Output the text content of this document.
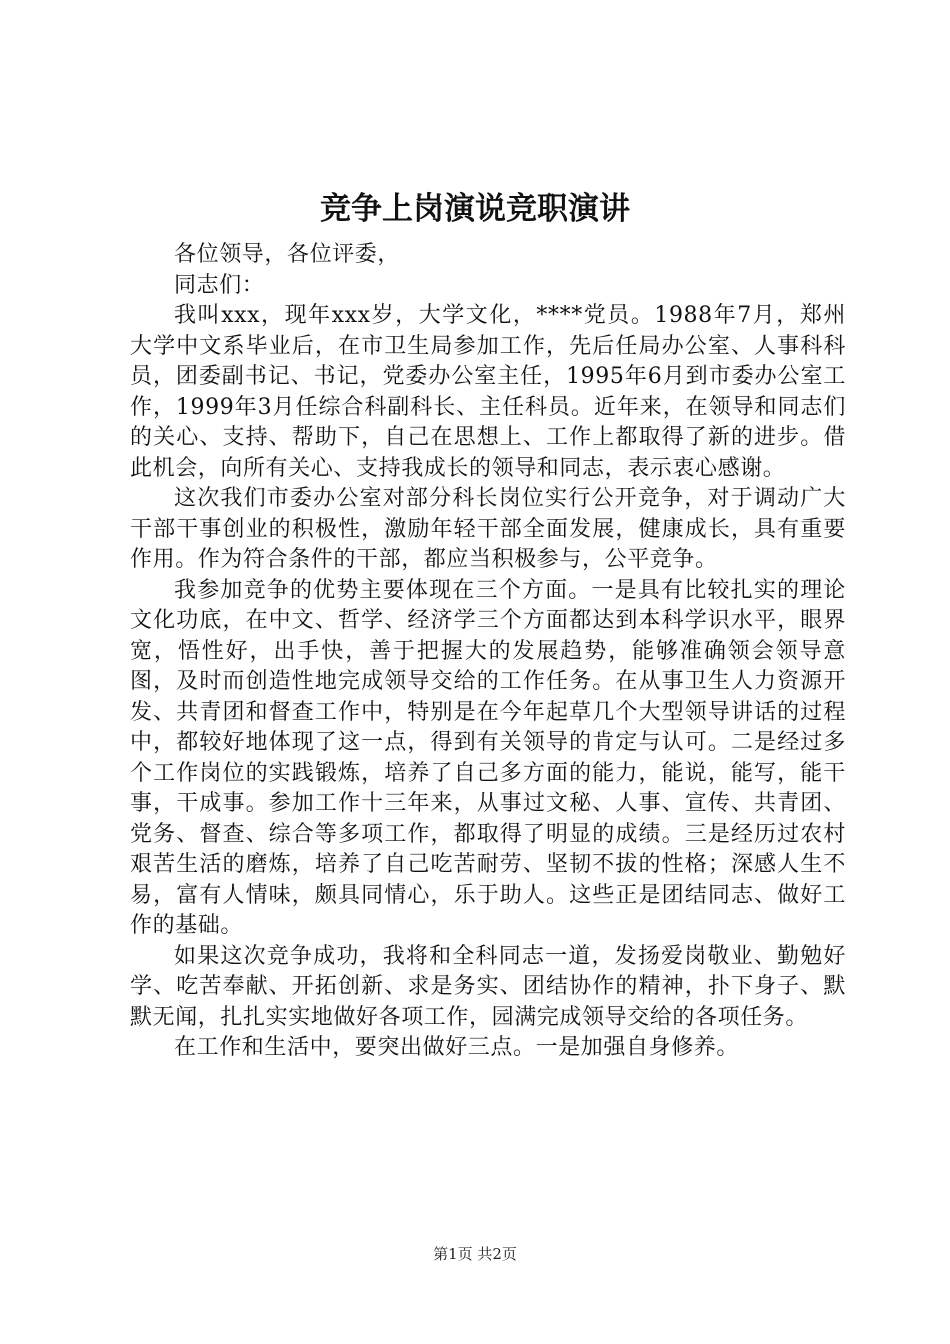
竞争上岗演说竞职演讲

各位领导，各位评委，

同志们：

我叫xxx，现年xxx岁，大学文化，****党员。1988年7月，郑州大学中文系毕业后，在市卫生局参加工作，先后任局办公室、人事科科员，团委副书记、书记，党委办公室主任，1995年6月到市委办公室工作，1999年3月任综合科副科长、主任科员。近年来，在领导和同志们的关心、支持、帮助下，自己在思想上、工作上都取得了新的进步。借此机会，向所有关心、支持我成长的领导和同志，表示衷心感谢。

这次我们市委办公室对部分科长岗位实行公开竞争，对于调动广大干部干事创业的积极性，激励年轻干部全面发展，健康成长，具有重要作用。作为符合条件的干部，都应当积极参与，公平竞争。

我参加竞争的优势主要体现在三个方面。一是具有比较扎实的理论文化功底，在中文、哲学、经济学三个方面都达到本科学识水平，眼界宽，悟性好，出手快，善于把握大的发展趋势，能够准确领会领导意图，及时而创造性地完成领导交给的工作任务。在从事卫生人力资源开发、共青团和督查工作中，特别是在今年起草几个大型领导讲话的过程中，都较好地体现了这一点，得到有关领导的肯定与认可。二是经过多个工作岗位的实践锻炼，培养了自己多方面的能力，能说，能写，能干事，干成事。参加工作十三年来，从事过文秘、人事、宣传、共青团、党务、督查、综合等多项工作，都取得了明显的成绩。三是经历过农村艰苦生活的磨炼，培养了自己吃苦耐劳、坚韧不拔的性格；深感人生不易，富有人情味，颇具同情心，乐于助人。这些正是团结同志、做好工作的基础。

如果这次竞争成功，我将和全科同志一道，发扬爱岗敬业、勤勉好学、吃苦奉献、开拓创新、求是务实、团结协作的精神，扑下身子、默默无闻，扎扎实实地做好各项工作，园满完成领导交给的各项任务。

在工作和生活中，要突出做好三点。一是加强自身修养。

第1页 共2页
